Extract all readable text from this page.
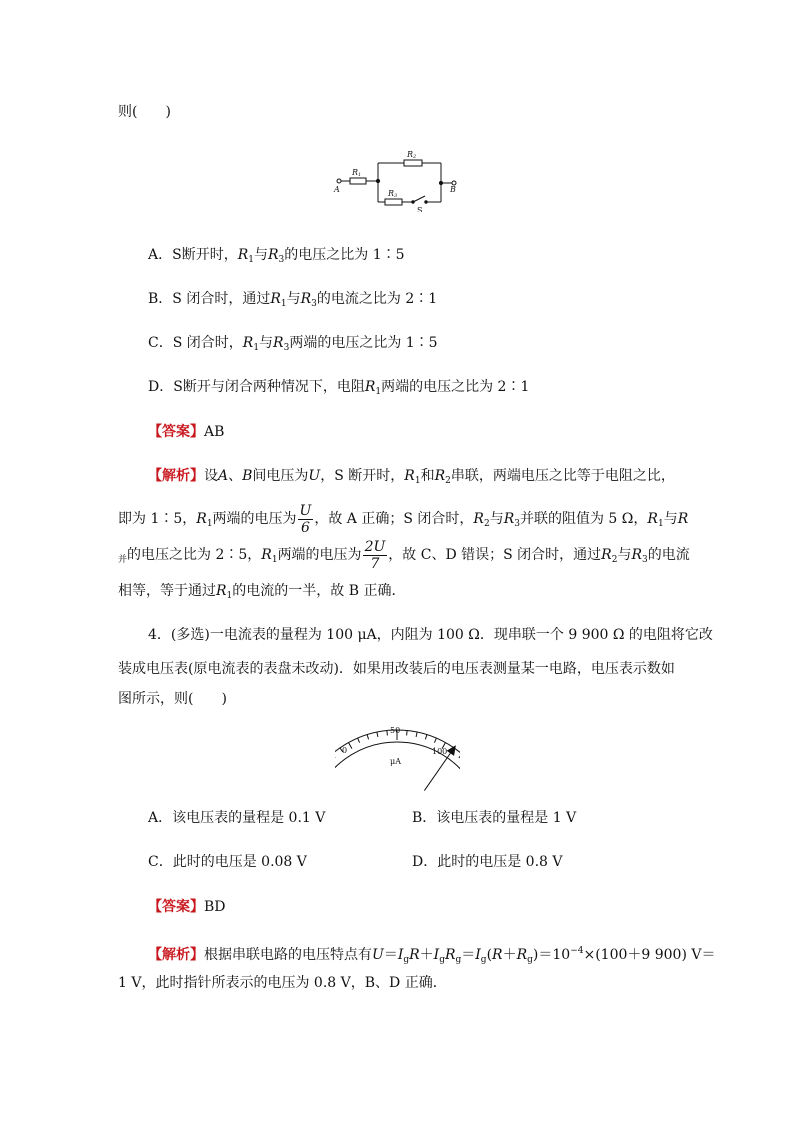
则(　　)
A	B
R1
R2
R3
S
A．S断开时，$R_1$与$R_3$的电压之比为 1∶5
B．S 闭合时，通过$R_1$与$R_3$的电流之比为 2∶1
C．S 闭合时，$R_1$与$R_3$两端的电压之比为 1∶5
D．S断开与闭合两种情况下，电阻$R_1$两端的电压之比为 2∶1
【答案】AB
【解析】设A、B间电压为U，S 断开时，$R_1$和$R_2$串联，两端电压之比等于电阻之比，
即为 1∶5，$R_1$两端的电压为 $\frac{U}{6}$ ，故 A 正确；S 闭合时，$R_2$与$R_3$并联的阻值为 5 Ω，$R_1$与R
$_并$的电压之比为 2∶5，$R_1$两端的电压为 $\frac{2U}{7}$ ，故 C、D 错误；S 闭合时，通过$R_2$与$R_3$的电流
相等，等于通过$R_1$的电流的一半，故 B 正确．
4．(多选)一电流表的量程为 100 μA，内阻为 100 Ω．现串联一个 9 900 Ω 的电阻将它改
装成电压表(原电流表的表盘未改动)．如果用改装后的电压表测量某一电路，电压表示数如
图所示，则(　　)
0
50
100
μA
A．该电压表的量程是 0.1 V	B．该电压表的量程是 1 V
C．此时的电压是 0.08 V	D．此时的电压是 0.8 V
【答案】BD
【解析】根据串联电路的电压特点有$U=I_gR+I_gR_g=I_g(R+R_g)=10^{-4}\times(100+9$ 900) V＝
1 V，此时指针所表示的电压为 0.8 V，B、D 正确．
